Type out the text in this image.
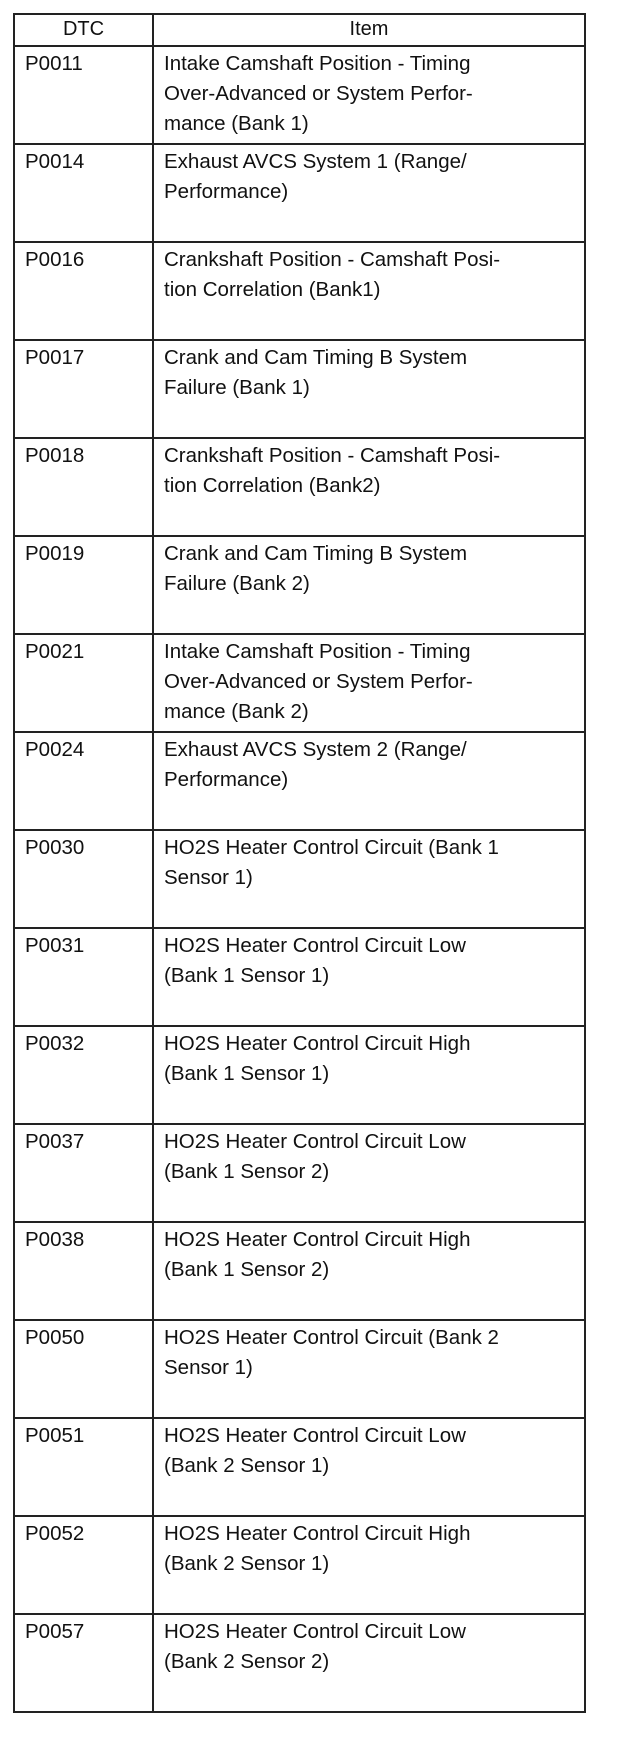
DTC	Item
P0011	Intake Camshaft Position - Timing
Over-Advanced or System Perfor-
mance (Bank 1)
P0014	Exhaust AVCS System 1 (Range/
Performance)
P0016	Crankshaft Position - Camshaft Posi-
tion Correlation (Bank1)
P0017	Crank and Cam Timing B System
Failure (Bank 1)
P0018	Crankshaft Position - Camshaft Posi-
tion Correlation (Bank2)
P0019	Crank and Cam Timing B System
Failure (Bank 2)
P0021	Intake Camshaft Position - Timing
Over-Advanced or System Perfor-
mance (Bank 2)
P0024	Exhaust AVCS System 2 (Range/
Performance)
P0030	HO2S Heater Control Circuit (Bank 1
Sensor 1)
P0031	HO2S Heater Control Circuit Low
(Bank 1 Sensor 1)
P0032	HO2S Heater Control Circuit High
(Bank 1 Sensor 1)
P0037	HO2S Heater Control Circuit Low
(Bank 1 Sensor 2)
P0038	HO2S Heater Control Circuit High
(Bank 1 Sensor 2)
P0050	HO2S Heater Control Circuit (Bank 2
Sensor 1)
P0051	HO2S Heater Control Circuit Low
(Bank 2 Sensor 1)
P0052	HO2S Heater Control Circuit High
(Bank 2 Sensor 1)
P0057	HO2S Heater Control Circuit Low
(Bank 2 Sensor 2)
